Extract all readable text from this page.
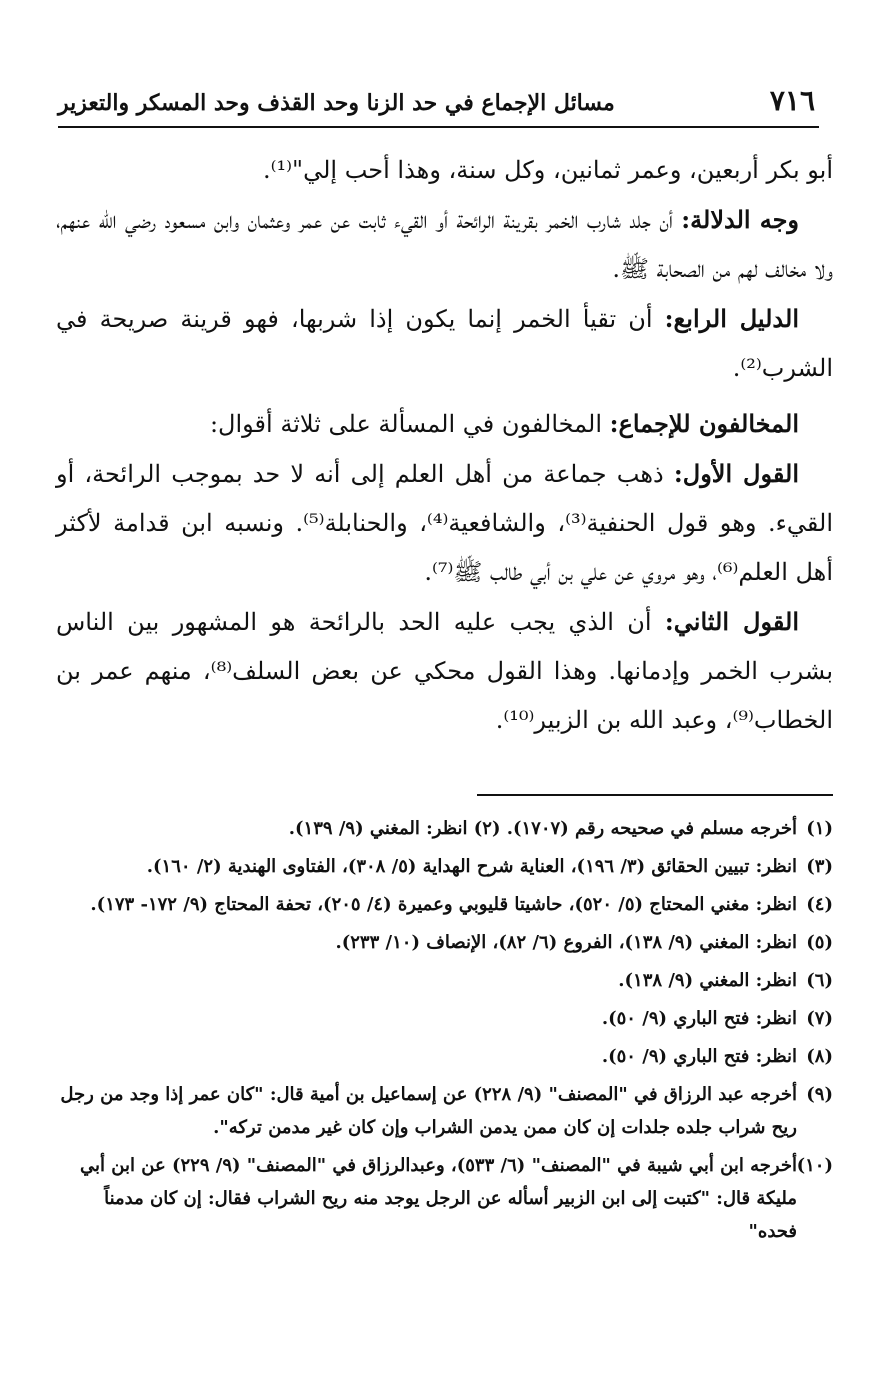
٧١٦
مسائل الإجماع في حد الزنا وحد القذف وحد المسكر والتعزير

أبو بكر أربعين، وعمر ثمانين، وكل سنة، وهذا أحب إلي"⁽¹⁾.

وجه الدلالة: أن جلد شارب الخمر بقرينة الرائحة أو القيء ثابت عن عمر وعثمان وابن مسعود رضي الله عنهم، ولا مخالف لهم من الصحابة ﷺ.

الدليل الرابع: أن تقيأ الخمر إنما يكون إذا شربها، فهو قرينة صريحة في الشرب⁽²⁾.

المخالفون للإجماع: المخالفون في المسألة على ثلاثة أقوال:

القول الأول: ذهب جماعة من أهل العلم إلى أنه لا حد بموجب الرائحة، أو القيء. وهو قول الحنفية⁽³⁾، والشافعية⁽⁴⁾، والحنابلة⁽⁵⁾. ونسبه ابن قدامة لأكثر أهل العلم⁽⁶⁾، وهو مروي عن علي بن أبي طالب ﷺ⁽⁷⁾.

القول الثاني: أن الذي يجب عليه الحد بالرائحة هو المشهور بين الناس بشرب الخمر وإدمانها. وهذا القول محكي عن بعض السلف⁽⁸⁾، منهم عمر بن الخطاب⁽⁹⁾، وعبد الله بن الزبير⁽¹⁰⁾.

(١)أخرجه مسلم في صحيحه رقم (١٧٠٧). (٢) انظر: المغني (٩/ ١٣٩).

(٣)انظر: تبيين الحقائق (٣/ ١٩٦)، العناية شرح الهداية (٥/ ٣٠٨)، الفتاوى الهندية (٢/ ١٦٠).

(٤)انظر: مغني المحتاج (٥/ ٥٢٠)، حاشيتا قليوبي وعميرة (٤/ ٢٠٥)، تحفة المحتاج (٩/ ١٧٢- ١٧٣).

(٥)انظر: المغني (٩/ ١٣٨)، الفروع (٦/ ٨٢)، الإنصاف (١٠/ ٢٣٣).

(٦)انظر: المغني (٩/ ١٣٨).

(٧)انظر: فتح الباري (٩/ ٥٠).

(٨)انظر: فتح الباري (٩/ ٥٠).

(٩)أخرجه عبد الرزاق في "المصنف" (٩/ ٢٢٨) عن إسماعيل بن أمية قال: "كان عمر إذا وجد من رجل ريح شراب جلده جلدات إن كان ممن يدمن الشراب وإن كان غير مدمن تركه".

(١٠)أخرجه ابن أبي شيبة في "المصنف" (٦/ ٥٣٣)، وعبدالرزاق في "المصنف" (٩/ ٢٢٩) عن ابن أبي مليكة قال: "كتبت إلى ابن الزبير أسأله عن الرجل يوجد منه ريح الشراب فقال: إن كان مدمناً فحده"
